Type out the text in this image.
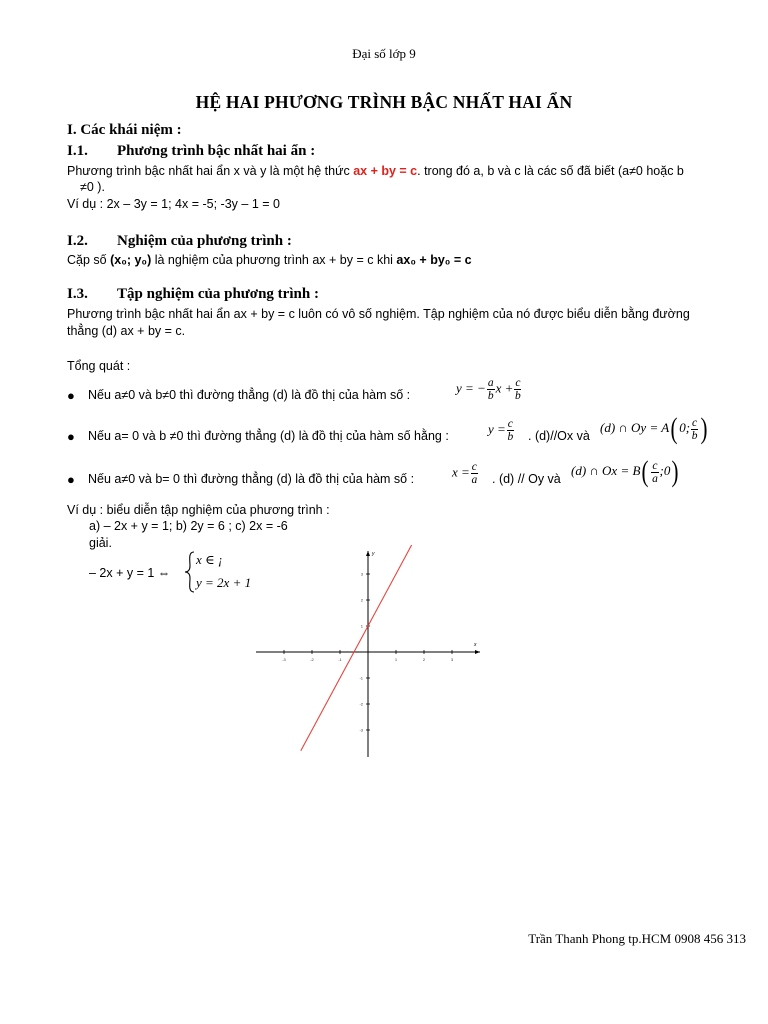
Đại số lớp 9
HỆ HAI PHƯƠNG TRÌNH BẬC NHẤT HAI ẨN
I. Các khái niệm :
I.1. Phương trình bậc nhất hai ẩn :
Phương trình bậc nhất hai ẩn x và y là một hệ thức ax + by = c. trong đó a, b và c là các số đã biết (a≠0 hoặc b
≠0 ).
Ví dụ : 2x – 3y = 1; 4x = -5; -3y – 1 = 0
I.2. Nghiệm của phương trình :
Cặp số (x₀; y₀) là nghiệm của phương trình ax + by = c khi ax₀ + by₀ = c
I.3. Tập nghiệm của phương trình :
Phương trình bậc nhất hai ẩn ax + by = c luôn có vô số nghiệm. Tập nghiệm của nó được biểu diễn bằng đường
thẳng (d) ax + by = c.
Tổng quát :
● Nếu a≠0 và b≠0 thì đường thẳng (d) là đồ thị của hàm số :	y = − $\frac{a}{b}$ $x + \frac{c}{b}$
● Nếu a= 0 và b ≠0 thì đường thẳng (d) là đồ thị của hàm số hằng :	$y = \frac{c}{b}$ . (d)//Ox và
(d) ∩ Oy = A( 0; $\frac{c}{b}$ )
● Nếu a≠0 và b= 0 thì đường thẳng (d) là đồ thị của hàm số :	$x = \frac{c}{a}$ . (d) // Oy và
(d) ∩ $Ox = B( \frac{c}{a}$ ;0)
Ví dụ : biểu diễn tập nghiệm của phương trình :
a) – 2x + y = 1; b) 2y = 6 ; c) 2x = -6
giải.
– 2x + y = 1 ⇔
x ∈ ¡
y = 2x + 1
-3	-2	-1	1	2	3
3
2
1
-1
-2
-3
x
y
Trần Thanh Phong tp.HCM 0908 456 313
